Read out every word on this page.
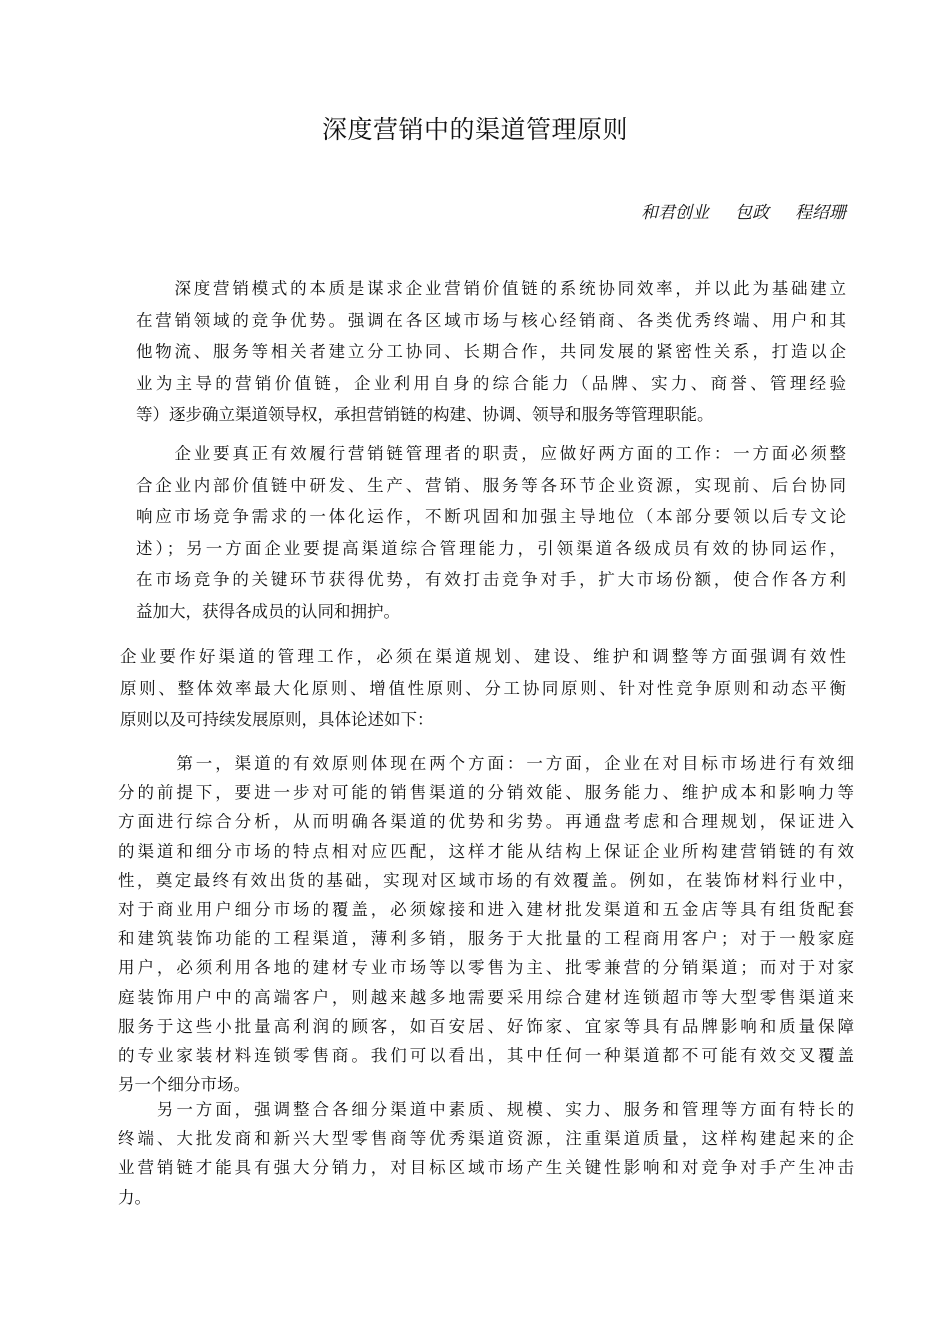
深度营销中的渠道管理原则
和君创业 包政 程绍珊

　　深度营销模式的本质是谋求企业营销价值链的系统协同效率，并以此为基础建立
在营销领域的竞争优势。强调在各区域市场与核心经销商、各类优秀终端、用户和其
他物流、服务等相关者建立分工协同、长期合作，共同发展的紧密性关系，打造以企
业为主导的营销价值链，企业利用自身的综合能力（品牌、实力、商誉、管理经验
等）逐步确立渠道领导权，承担营销链的构建、协调、领导和服务等管理职能。

　　企业要真正有效履行营销链管理者的职责，应做好两方面的工作：一方面必须整
合企业内部价值链中研发、生产、营销、服务等各环节企业资源，实现前、后台协同
响应市场竞争需求的一体化运作，不断巩固和加强主导地位（本部分要领以后专文论
述）；另一方面企业要提高渠道综合管理能力，引领渠道各级成员有效的协同运作，
在市场竞争的关键环节获得优势，有效打击竞争对手，扩大市场份额，使合作各方利
益加大，获得各成员的认同和拥护。

企业要作好渠道的管理工作，必须在渠道规划、建设、维护和调整等方面强调有效性
原则、整体效率最大化原则、增值性原则、分工协同原则、针对性竞争原则和动态平衡
原则以及可持续发展原则，具体论述如下：

　　　第一，渠道的有效原则体现在两个方面：一方面，企业在对目标市场进行有效细
分的前提下，要进一步对可能的销售渠道的分销效能、服务能力、维护成本和影响力等
方面进行综合分析，从而明确各渠道的优势和劣势。再通盘考虑和合理规划，保证进入
的渠道和细分市场的特点相对应匹配，这样才能从结构上保证企业所构建营销链的有效
性，奠定最终有效出货的基础，实现对区域市场的有效覆盖。例如，在装饰材料行业中，
对于商业用户细分市场的覆盖，必须嫁接和进入建材批发渠道和五金店等具有组货配套
和建筑装饰功能的工程渠道，薄利多销，服务于大批量的工程商用客户；对于一般家庭
用户，必须利用各地的建材专业市场等以零售为主、批零兼营的分销渠道；而对于对家
庭装饰用户中的高端客户，则越来越多地需要采用综合建材连锁超市等大型零售渠道来
服务于这些小批量高利润的顾客，如百安居、好饰家、宜家等具有品牌影响和质量保障
的专业家装材料连锁零售商。我们可以看出，其中任何一种渠道都不可能有效交叉覆盖
另一个细分市场。

　　另一方面，强调整合各细分渠道中素质、规模、实力、服务和管理等方面有特长的
终端、大批发商和新兴大型零售商等优秀渠道资源，注重渠道质量，这样构建起来的企
业营销链才能具有强大分销力，对目标区域市场产生关键性影响和对竞争对手产生冲击
力。
